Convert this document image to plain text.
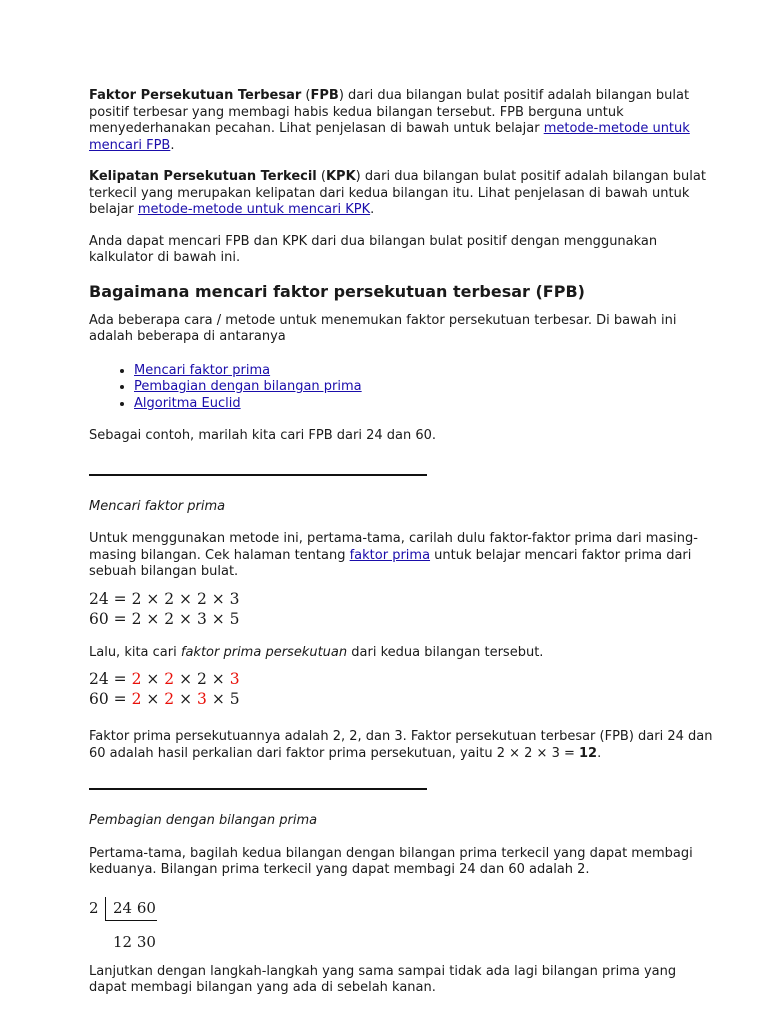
Faktor Persekutuan Terbesar (FPB) dari dua bilangan bulat positif adalah bilangan bulat positif terbesar yang membagi habis kedua bilangan tersebut. FPB berguna untuk menyederhanakan pecahan. Lihat penjelasan di bawah untuk belajar metode-metode untuk mencari FPB.

Kelipatan Persekutuan Terkecil (KPK) dari dua bilangan bulat positif adalah bilangan bulat terkecil yang merupakan kelipatan dari kedua bilangan itu. Lihat penjelasan di bawah untuk belajar metode-metode untuk mencari KPK.

Anda dapat mencari FPB dan KPK dari dua bilangan bulat positif dengan menggunakan kalkulator di bawah ini.

Bagaimana mencari faktor persekutuan terbesar (FPB)

Ada beberapa cara / metode untuk menemukan faktor persekutuan terbesar. Di bawah ini adalah beberapa di antaranya

• Mencari faktor prima
• Pembagian dengan bilangan prima
• Algoritma Euclid

Sebagai contoh, marilah kita cari FPB dari 24 dan 60.

Mencari faktor prima

Untuk menggunakan metode ini, pertama-tama, carilah dulu faktor-faktor prima dari masing-masing bilangan. Cek halaman tentang faktor prima untuk belajar mencari faktor prima dari sebuah bilangan bulat.

24 = 2 × 2 × 2 × 3
60 = 2 × 2 × 3 × 5

Lalu, kita cari faktor prima persekutuan dari kedua bilangan tersebut.

24 = 2 × 2 × 2 × 3
60 = 2 × 2 × 3 × 5

Faktor prima persekutuannya adalah 2, 2, dan 3. Faktor persekutuan terbesar (FPB) dari 24 dan 60 adalah hasil perkalian dari faktor prima persekutuan, yaitu 2 × 2 × 3 = 12.

Pembagian dengan bilangan prima

Pertama-tama, bagilah kedua bilangan dengan bilangan prima terkecil yang dapat membagi keduanya. Bilangan prima terkecil yang dapat membagi 24 dan 60 adalah 2.

2 24 60
12 30

Lanjutkan dengan langkah-langkah yang sama sampai tidak ada lagi bilangan prima yang dapat membagi bilangan yang ada di sebelah kanan.
